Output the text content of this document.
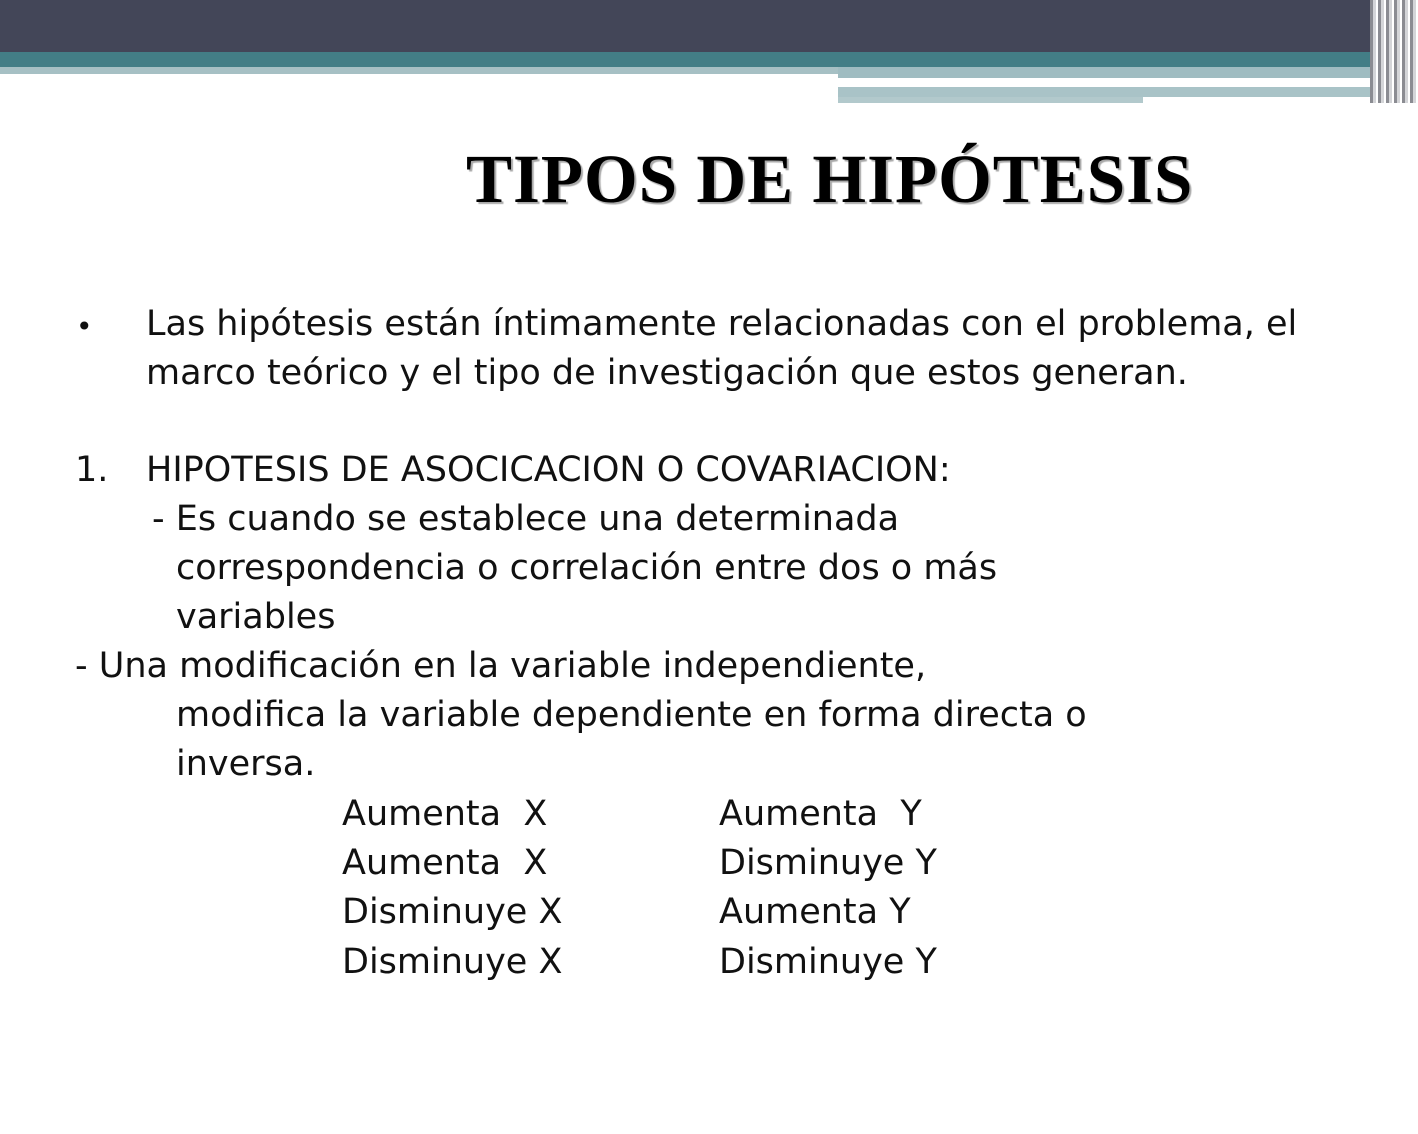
TIPOS DE HIPÓTESIS
• Las hipótesis están íntimamente relacionadas con el problema, el

marco teórico y el tipo de investigación que estos generan.

1. HIPOTESIS DE ASOCICACION O COVARIACION:

- Es cuando se establece una determinada

correspondencia o correlación entre dos o más

variables

- Una modificación en la variable independiente,

modifica la variable dependiente en forma directa o

inversa.

Aumenta  X	Aumenta  Y

Aumenta  X	Disminuye Y

Disminuye X	Aumenta Y

Disminuye X	Disminuye Y
